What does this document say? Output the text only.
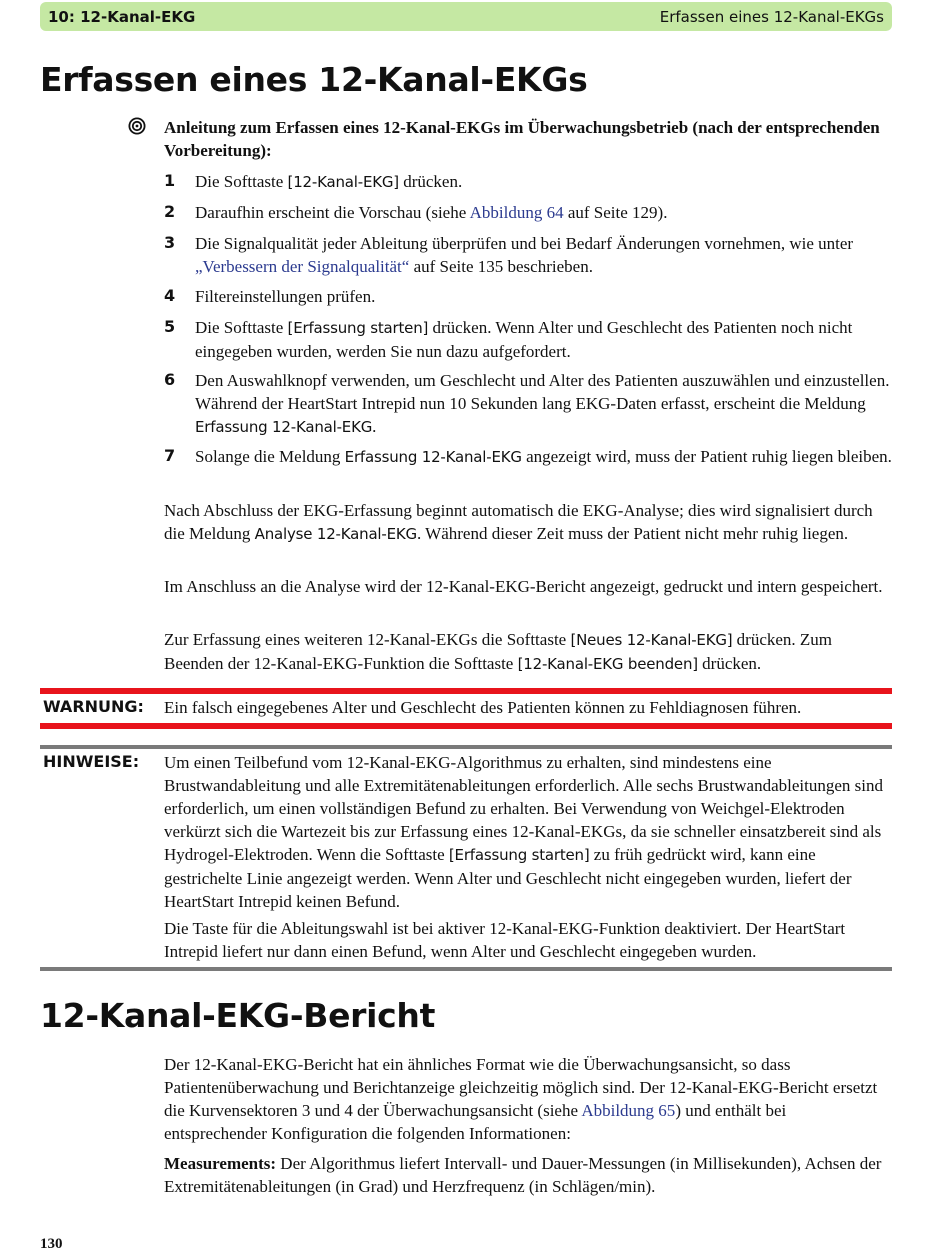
10: 12-Kanal-EKG	Erfassen eines 12-Kanal-EKGs
Erfassen eines 12-Kanal-EKGs
Anleitung zum Erfassen eines 12-Kanal-EKGs im Überwachungsbetrieb (nach der entsprechenden Vorbereitung):
1 Die Softtaste [12-Kanal-EKG] drücken.
2 Daraufhin erscheint die Vorschau (siehe Abbildung 64 auf Seite 129).
3 Die Signalqualität jeder Ableitung überprüfen und bei Bedarf Änderungen vornehmen, wie unter „Verbessern der Signalqualität“ auf Seite 135 beschrieben.
4 Filtereinstellungen prüfen.
5 Die Softtaste [Erfassung starten] drücken. Wenn Alter und Geschlecht des Patienten noch nicht eingegeben wurden, werden Sie nun dazu aufgefordert.
6 Den Auswahlknopf verwenden, um Geschlecht und Alter des Patienten auszuwählen und einzustellen. Während der HeartStart Intrepid nun 10 Sekunden lang EKG-Daten erfasst, erscheint die Meldung Erfassung 12-Kanal-EKG.
7 Solange die Meldung Erfassung 12-Kanal-EKG angezeigt wird, muss der Patient ruhig liegen bleiben.
Nach Abschluss der EKG-Erfassung beginnt automatisch die EKG-Analyse; dies wird signalisiert durch die Meldung Analyse 12-Kanal-EKG. Während dieser Zeit muss der Patient nicht mehr ruhig liegen.
Im Anschluss an die Analyse wird der 12-Kanal-EKG-Bericht angezeigt, gedruckt und intern gespeichert.
Zur Erfassung eines weiteren 12-Kanal-EKGs die Softtaste [Neues 12-Kanal-EKG] drücken. Zum Beenden der 12-Kanal-EKG-Funktion die Softtaste [12-Kanal-EKG beenden] drücken.
WARNUNG: Ein falsch eingegebenes Alter und Geschlecht des Patienten können zu Fehldiagnosen führen.
HINWEISE: Um einen Teilbefund vom 12-Kanal-EKG-Algorithmus zu erhalten, sind mindestens eine Brustwandableitung und alle Extremitätenableitungen erforderlich. Alle sechs Brustwandableitungen sind erforderlich, um einen vollständigen Befund zu erhalten. Bei Verwendung von Weichgel-Elektroden verkürzt sich die Wartezeit bis zur Erfassung eines 12-Kanal-EKGs, da sie schneller einsatzbereit sind als Hydrogel-Elektroden. Wenn die Softtaste [Erfassung starten] zu früh gedrückt wird, kann eine gestrichelte Linie angezeigt werden. Wenn Alter und Geschlecht nicht eingegeben wurden, liefert der HeartStart Intrepid keinen Befund.
Die Taste für die Ableitungswahl ist bei aktiver 12-Kanal-EKG-Funktion deaktiviert. Der HeartStart Intrepid liefert nur dann einen Befund, wenn Alter und Geschlecht eingegeben wurden.
12-Kanal-EKG-Bericht
Der 12-Kanal-EKG-Bericht hat ein ähnliches Format wie die Überwachungsansicht, so dass Patientenüberwachung und Berichtanzeige gleichzeitig möglich sind. Der 12-Kanal-EKG-Bericht ersetzt die Kurvensektoren 3 und 4 der Überwachungsansicht (siehe Abbildung 65) und enthält bei entsprechender Konfiguration die folgenden Informationen:
Measurements: Der Algorithmus liefert Intervall- und Dauer-Messungen (in Millisekunden), Achsen der Extremitätenableitungen (in Grad) und Herzfrequenz (in Schlägen/min).
130
